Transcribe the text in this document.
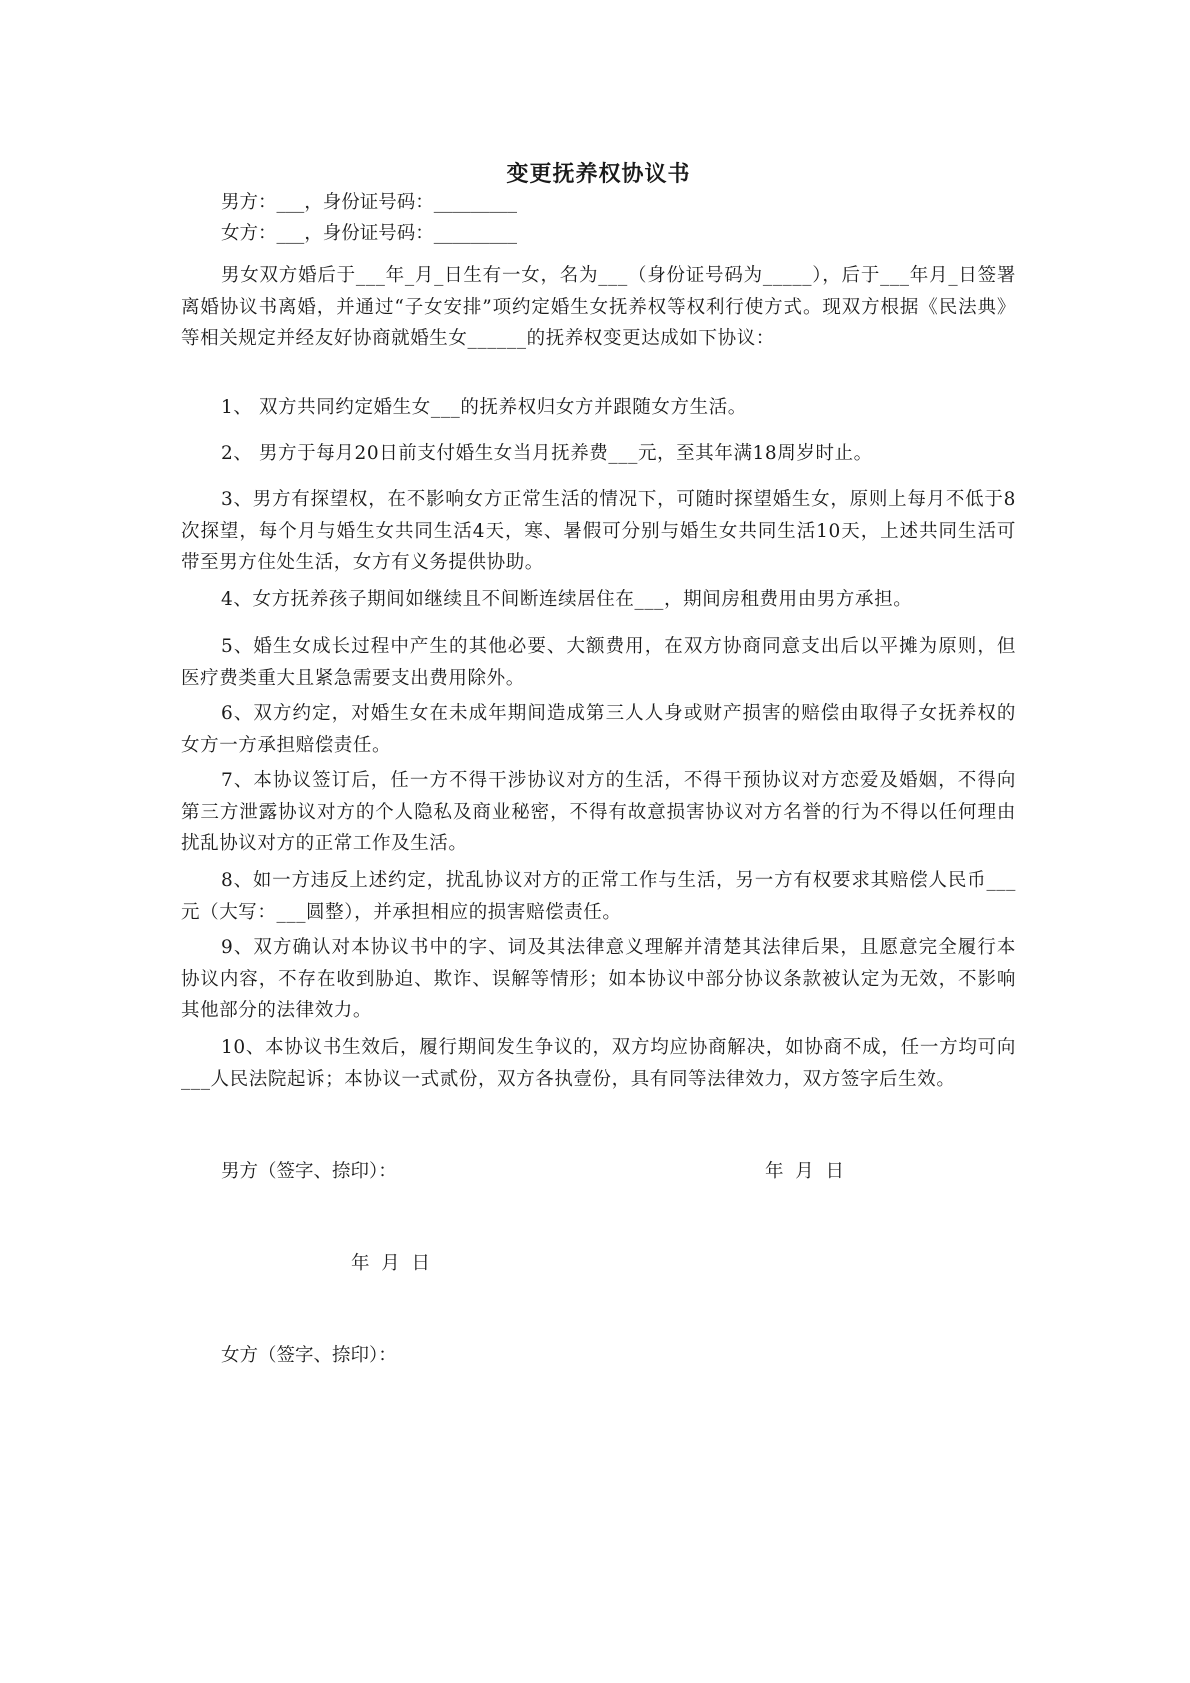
变更抚养权协议书
男方：___，身份证号码：_________
女方：___，身份证号码：_________
男女双方婚后于___年_月_日生有一女，名为___（身份证号码为_____），后于___年月_日签署离婚协议书离婚，并通过“子女安排”项约定婚生女抚养权等权利行使方式。现双方根据《民法典》等相关规定并经友好协商就婚生女______的抚养权变更达成如下协议：
1、 双方共同约定婚生女___的抚养权归女方并跟随女方生活。
2、 男方于每月20日前支付婚生女当月抚养费___元，至其年满18周岁时止。
3、男方有探望权，在不影响女方正常生活的情况下，可随时探望婚生女，原则上每月不低于8次探望，每个月与婚生女共同生活4天，寒、暑假可分别与婚生女共同生活10天，上述共同生活可带至男方住处生活，女方有义务提供协助。
4、女方抚养孩子期间如继续且不间断连续居住在___，期间房租费用由男方承担。
5、婚生女成长过程中产生的其他必要、大额费用，在双方协商同意支出后以平摊为原则，但医疗费类重大且紧急需要支出费用除外。
6、双方约定，对婚生女在未成年期间造成第三人人身或财产损害的赔偿由取得子女抚养权的女方一方承担赔偿责任。
7、本协议签订后，任一方不得干涉协议对方的生活，不得干预协议对方恋爱及婚姻，不得向第三方泄露协议对方的个人隐私及商业秘密，不得有故意损害协议对方名誉的行为不得以任何理由扰乱协议对方的正常工作及生活。
8、如一方违反上述约定，扰乱协议对方的正常工作与生活，另一方有权要求其赔偿人民币___元（大写：___圆整），并承担相应的损害赔偿责任。
9、双方确认对本协议书中的字、词及其法律意义理解并清楚其法律后果，且愿意完全履行本协议内容，不存在收到胁迫、欺诈、误解等情形；如本协议中部分协议条款被认定为无效，不影响其他部分的法律效力。
10、本协议书生效后，履行期间发生争议的，双方均应协商解决，如协商不成，任一方均可向___人民法院起诉；本协议一式贰份，双方各执壹份，具有同等法律效力，双方签字后生效。
男方（签字、捺印）：	年  月  日
年  月  日
女方（签字、捺印）：
